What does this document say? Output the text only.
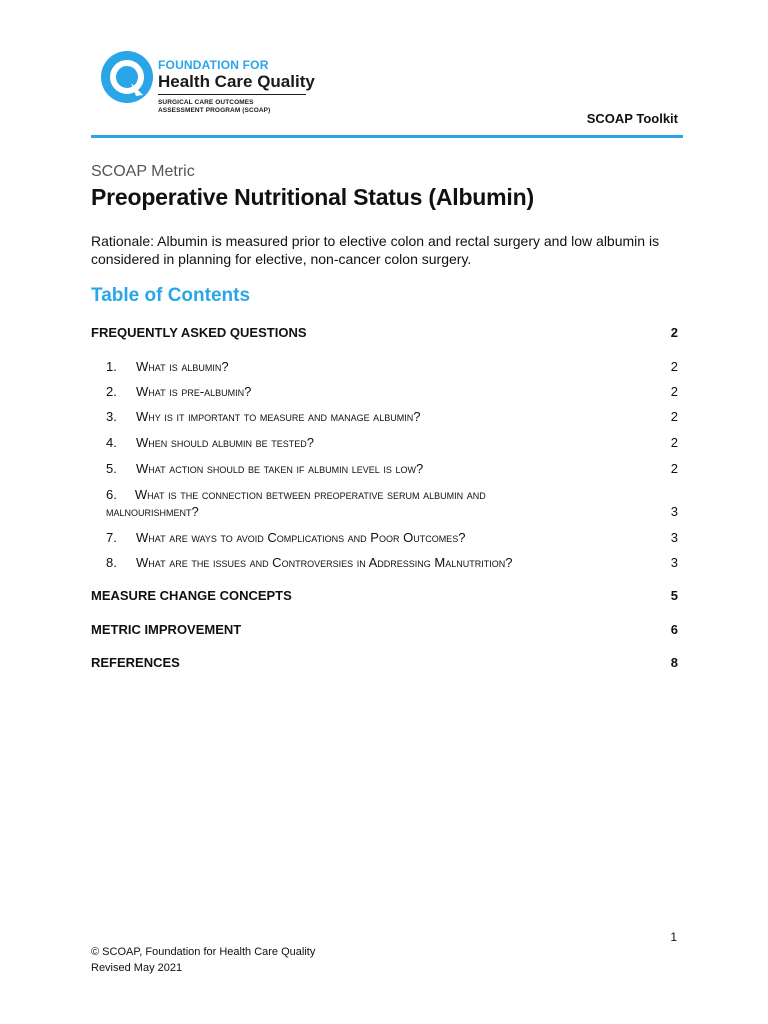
FOUNDATION FOR
Health Care Quality
SURGICAL CARE OUTCOMES
ASSESSMENT PROGRAM (SCOAP)
SCOAP Toolkit
SCOAP Metric
Preoperative Nutritional Status (Albumin)
Rationale: Albumin is measured prior to elective colon and rectal surgery and low albumin is considered in planning for elective, non-cancer colon surgery.
Table of Contents
FREQUENTLY ASKED QUESTIONS	2
1. What is albumin?	2
2. What is pre-albumin?	2
3. Why is it important to measure and manage albumin?	2
4. When should albumin be tested?	2
5. What action should be taken if albumin level is low?	2
6.     What is the connection between preoperative serum albumin and
malnourishment?	3
7. What are ways to avoid Complications and Poor Outcomes?	3
8. What are the issues and Controversies in Addressing Malnutrition?	3
MEASURE CHANGE CONCEPTS	5
METRIC IMPROVEMENT	6
REFERENCES	8
1
© SCOAP, Foundation for Health Care Quality
Revised May 2021
